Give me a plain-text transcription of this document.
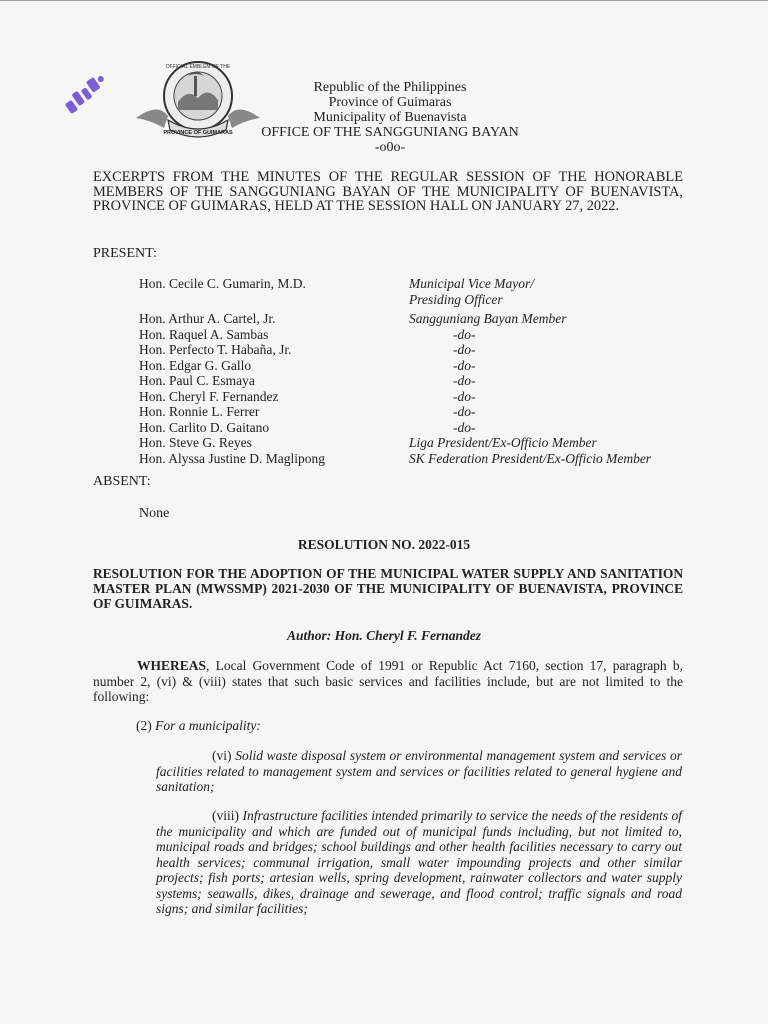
OFFICIAL EMBLEM OF THE
PROVINCE OF GUIMARAS
Republic of the Philippines
Province of Guimaras
Municipality of Buenavista
OFFICE OF THE SANGGUNIANG BAYAN
-o0o-
EXCERPTS FROM THE MINUTES OF THE REGULAR SESSION OF THE HONORABLE MEMBERS OF THE SANGGUNIANG BAYAN OF THE MUNICIPALITY OF BUENAVISTA, PROVINCE OF GUIMARAS, HELD AT THE SESSION HALL ON JANUARY 27, 2022.
PRESENT:
Hon. Cecile C. Gumarin, M.D.	Municipal Vice Mayor/
Presiding Officer
Hon. Arthur A. Cartel, Jr.	Sangguniang Bayan Member
Hon. Raquel A. Sambas	-do-
Hon. Perfecto T. Habaña, Jr.	-do-
Hon. Edgar G. Gallo	-do-
Hon. Paul C. Esmaya	-do-
Hon. Cheryl F. Fernandez	-do-
Hon. Ronnie L. Ferrer	-do-
Hon. Carlito D. Gaitano	-do-
Hon. Steve G. Reyes	Liga President/Ex-Officio Member
Hon. Alyssa Justine D. Maglipong	SK Federation President/Ex-Officio Member
ABSENT:
None
RESOLUTION NO. 2022-015
RESOLUTION FOR THE ADOPTION OF THE MUNICIPAL WATER SUPPLY AND SANITATION MASTER PLAN (MWSSMP) 2021-2030 OF THE MUNICIPALITY OF BUENAVISTA, PROVINCE OF GUIMARAS.
Author: Hon. Cheryl F. Fernandez
WHEREAS, Local Government Code of 1991 or Republic Act 7160, section 17, paragraph b, number 2, (vi) & (viii) states that such basic services and facilities include, but are not limited to the following:
(2) For a municipality:
(vi) Solid waste disposal system or environmental management system and services or facilities related to management system and services or facilities related to general hygiene and sanitation;
(viii) Infrastructure facilities intended primarily to service the needs of the residents of the municipality and which are funded out of municipal funds including, but not limited to, municipal roads and bridges; school buildings and other health facilities necessary to carry out health services; communal irrigation, small water impounding projects and other similar projects; fish ports; artesian wells, spring development, rainwater collectors and water supply systems; seawalls, dikes, drainage and sewerage, and flood control; traffic signals and road signs; and similar facilities;
